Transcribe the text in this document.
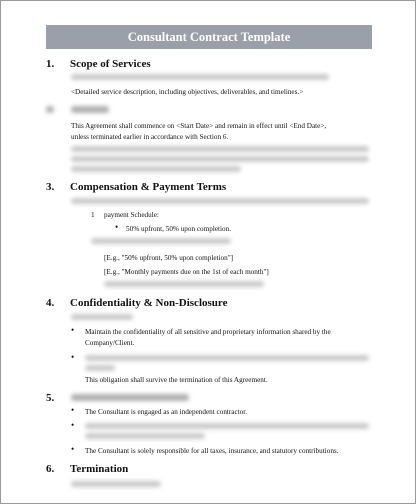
Consultant Contract Template
1. Scope of Services
<Detailed service description, including objectives, deliverables, and timelines.>
This Agreement shall commence on <Start Date> and remain in effect until <End Date>,
unless terminated earlier in accordance with Section 6.
3. Compensation & Payment Terms
1 payment Schedule:
• 50% upfront, 50% upon completion.
[E.g., "50% upfront, 50% upon completion"]
[E.g., "Monthly payments due on the 1st of each month"]
4. Confidentiality & Non-Disclosure
• Maintain the confidentiality of all sensitive and proprietary information shared by the
Company/Client.
•
This obligation shall survive the termination of this Agreement.
5.
• The Consultant is engaged as an independent contractor.
•
• The Consultant is solely responsible for all taxes, insurance, and statutory contributions.
6. Termination
